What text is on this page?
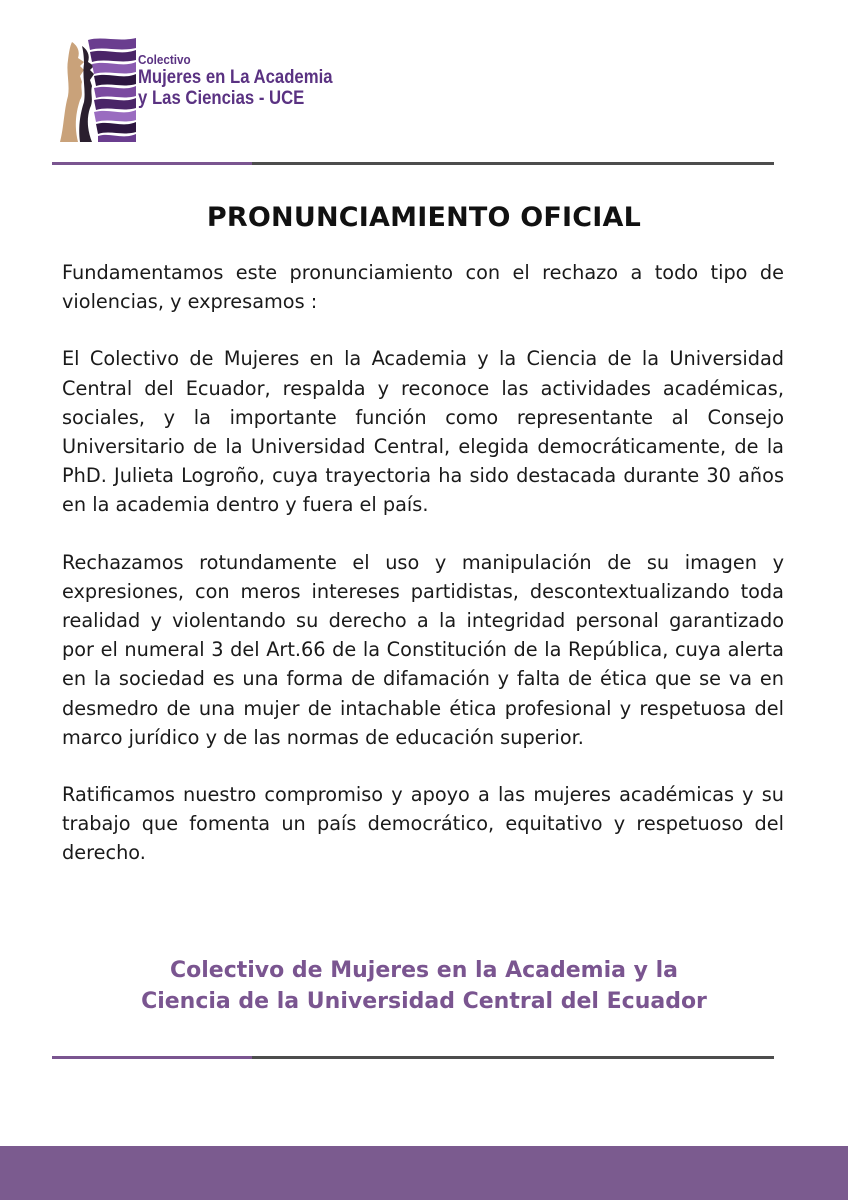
Colectivo
Mujeres en La Academia
y Las Ciencias - UCE
PRONUNCIAMIENTO OFICIAL

Fundamentamos este pronunciamiento con el rechazo a todo tipo de violencias, y expresamos :

El Colectivo de Mujeres en la Academia y la Ciencia de la Universidad Central del Ecuador, respalda y reconoce las actividades académicas, sociales, y la importante función como representante al Consejo Universitario de la Universidad Central, elegida democráticamente, de la PhD. Julieta Logroño, cuya trayectoria ha sido destacada durante 30 años en la academia dentro y fuera el país.

Rechazamos rotundamente el uso y manipulación de su imagen y expresiones, con meros intereses partidistas, descontextualizando toda realidad y violentando su derecho a la integridad personal garantizado por el numeral 3 del Art.66 de la Constitución de la República, cuya alerta en la sociedad es una forma de difamación y falta de ética que se va en desmedro de una mujer de intachable ética profesional y respetuosa del marco jurídico y de las normas de educación superior.

Ratificamos nuestro compromiso y apoyo a las mujeres académicas y su trabajo que fomenta un país democrático, equitativo y respetuoso del derecho.

Colectivo de Mujeres en la Academia y la
Ciencia de la Universidad Central del Ecuador
